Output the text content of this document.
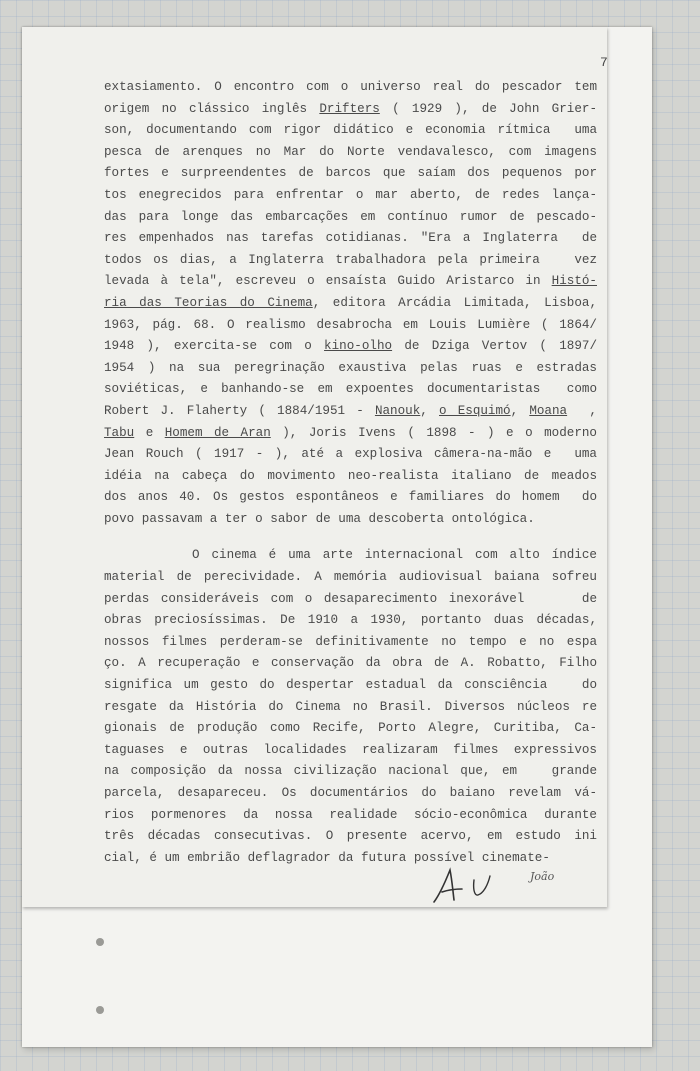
7
extasiamento. O encontro com o universo real do pescador tem
origem no clássico inglês Drifters ( 1929 ), de John Grier-
son, documentando com rigor didático e economia rítmica  uma
pesca de arenques no Mar do Norte vendavalesco, com imagens
fortes e surpreendentes de barcos que saíam dos pequenos por
tos enegrecidos para enfrentar o mar aberto, de redes lança-
das para longe das embarcações em contínuo rumor de pescado-
res empenhados nas tarefas cotidianas. "Era a Inglaterra  de
todos os dias, a Inglaterra trabalhadora pela primeira   vez
levada à tela", escreveu o ensaísta Guido Aristarco in Histó-
ria das Teorias do Cinema, editora Arcádia Limitada, Lisboa,
1963, pág. 68. O realismo desabrocha em Louis Lumière ( 1864/
1948 ), exercita-se com o kino-olho de Dziga Vertov ( 1897/
1954 ) na sua peregrinação exaustiva pelas ruas e estradas
soviéticas, e banhando-se em expoentes documentaristas  como
Robert J. Flaherty ( 1884/1951 - Nanouk, o Esquimó, Moana  ,
Tabu e Homem de Aran ), Joris Ivens ( 1898 - ) e o moderno
Jean Rouch ( 1917 - ), até a explosiva câmera-na-mão e  uma
idéia na cabeça do movimento neo-realista italiano de meados
dos anos 40. Os gestos espontâneos e familiares do homem  do
povo passavam a ter o sabor de uma descoberta ontológica.
O cinema é uma arte internacional com alto índice
material de perecividade. A memória audiovisual baiana sofreu
perdas consideráveis com o desaparecimento inexorável     de
obras preciosíssimas. De 1910 a 1930, portanto duas décadas,
nossos filmes perderam-se definitivamente no tempo e no espa
ço. A recuperação e conservação da obra de A. Robatto, Filho
significa um gesto do despertar estadual da consciência   do
resgate da História do Cinema no Brasil. Diversos núcleos re
gionais de produção como Recife, Porto Alegre, Curitiba, Ca-
taguases e outras localidades realizaram filmes expressivos
na composição da nossa civilização nacional que, em   grande
parcela, desapareceu. Os documentários do baiano revelam vá-
rios pormenores da nossa realidade sócio-econômica durante
três décadas consecutivas. O presente acervo, em estudo ini
cial, é um embrião deflagrador da futura possível cinemate-
João
